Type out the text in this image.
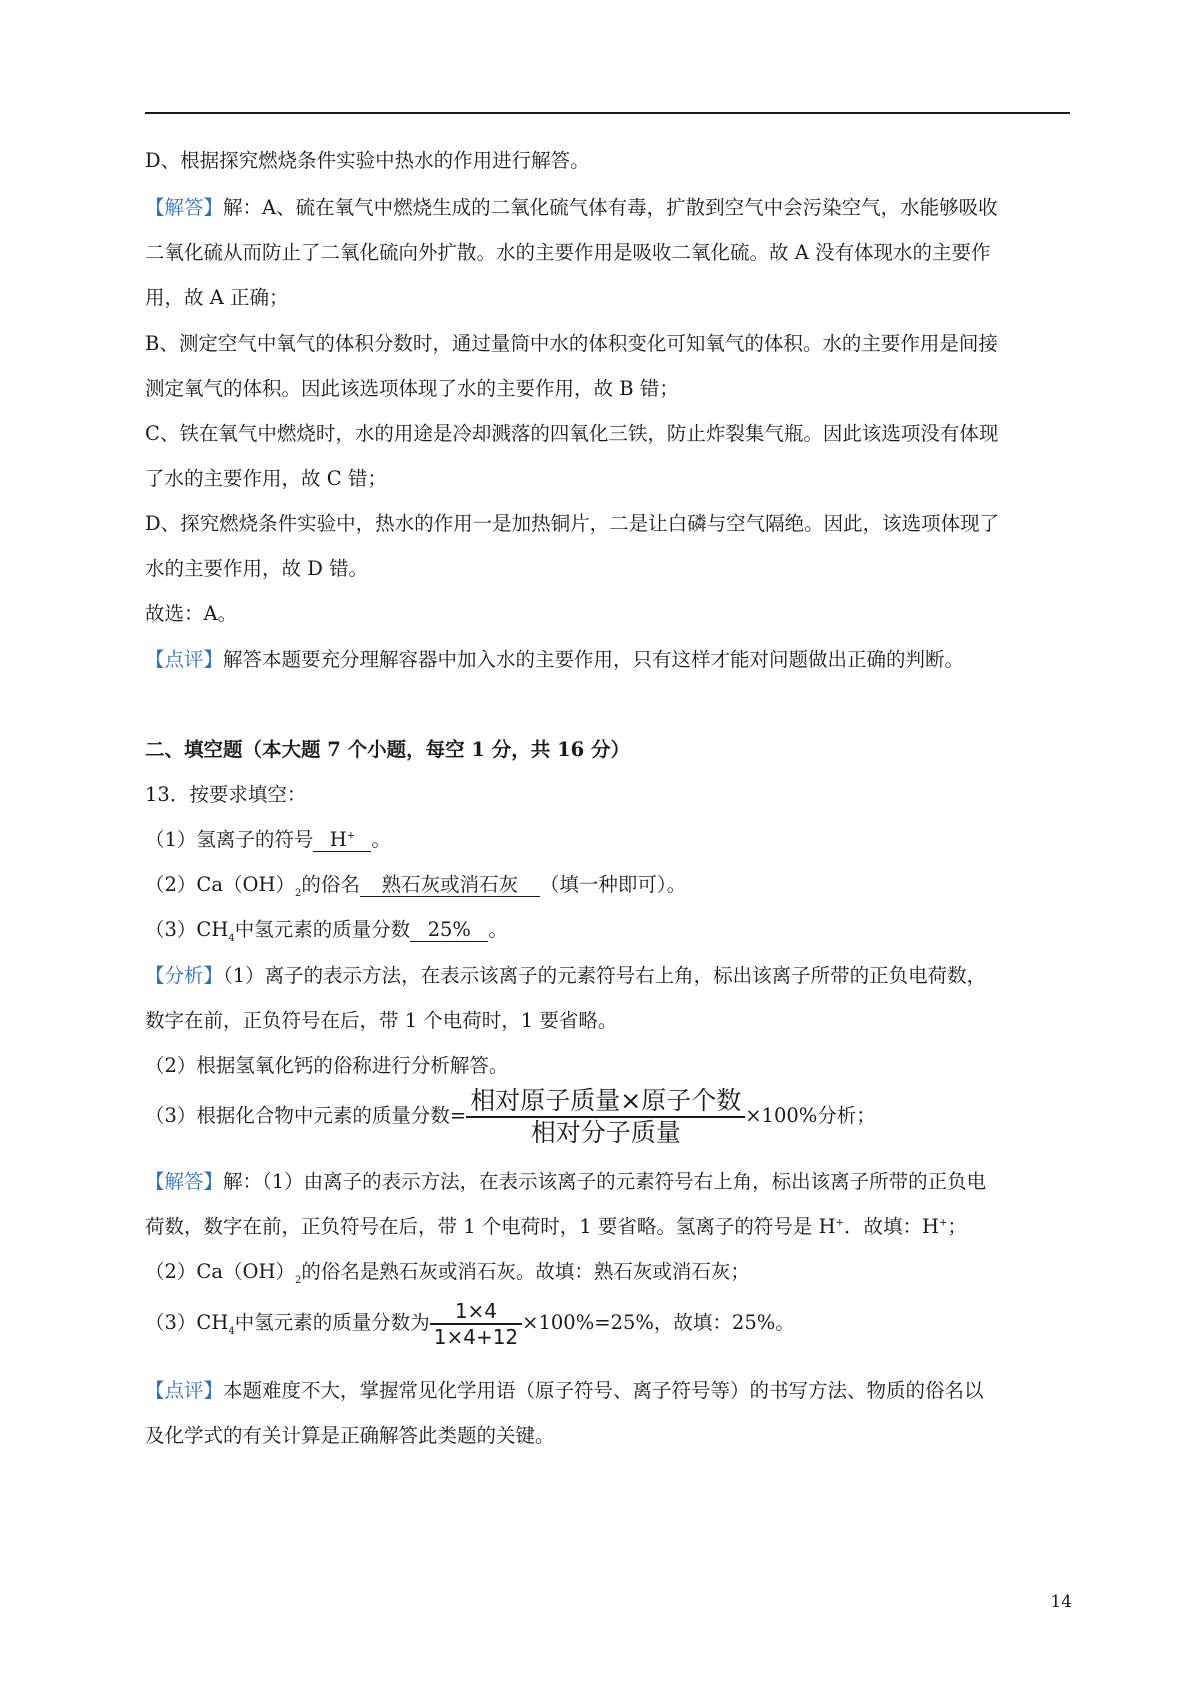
D、根据探究燃烧条件实验中热水的作用进行解答。
【解答】解：A、硫在氧气中燃烧生成的二氧化硫气体有毒，扩散到空气中会污染空气，水能够吸收
二氧化硫从而防止了二氧化硫向外扩散。水的主要作用是吸收二氧化硫。故 A 没有体现水的主要作
用，故 A 正确；
B、测定空气中氧气的体积分数时，通过量筒中水的体积变化可知氧气的体积。水的主要作用是间接
测定氧气的体积。因此该选项体现了水的主要作用，故 B 错；
C、铁在氧气中燃烧时，水的用途是冷却溅落的四氧化三铁，防止炸裂集气瓶。因此该选项没有体现
了水的主要作用，故 C 错；
D、探究燃烧条件实验中，热水的作用一是加热铜片，二是让白磷与空气隔绝。因此，该选项体现了
水的主要作用，故 D 错。
故选：A。
【点评】解答本题要充分理解容器中加入水的主要作用，只有这样才能对问题做出正确的判断。
二、填空题（本大题 7 个小题，每空 1 分，共 16 分）
13．按要求填空：
（1）氢离子的符号 H+ 。
$(2)Ca(OH)_2$的俗名 熟石灰或消石灰 （填一种即可）。
$(3)CH_4$中氢元素的质量分数 25% 。
【分析】（1）离子的表示方法，在表示该离子的元素符号右上角，标出该离子所带的正负电荷数，
数字在前，正负符号在后，带 1 个电荷时，1 要省略。
（2）根据氢氧化钙的俗称进行分析解答。
（3）根据化合物中元素的质量分数= $\frac{\text{相对原子质量×原子个数}}{\text{相对分子质量}} \times 100\%$分析；
【解答】解：（1）由离子的表示方法，在表示该离子的元素符号右上角，标出该离子所带的正负电
荷数，数字在前，正负符号在后，带 1 个电荷时，1 要省略。氢离子的符号是 H+．故填：H+；
$(2)Ca(OH)_2$的俗名是熟石灰或消石灰。故填：熟石灰或消石灰；
$(3)CH_4$中氢元素的质量分数为 $\frac{1\times 4}{1\times 4+12} \times 100\%=25\%$，故填：25%。
【点评】本题难度不大，掌握常见化学用语（原子符号、离子符号等）的书写方法、物质的俗名以
及化学式的有关计算是正确解答此类题的关键。
14
